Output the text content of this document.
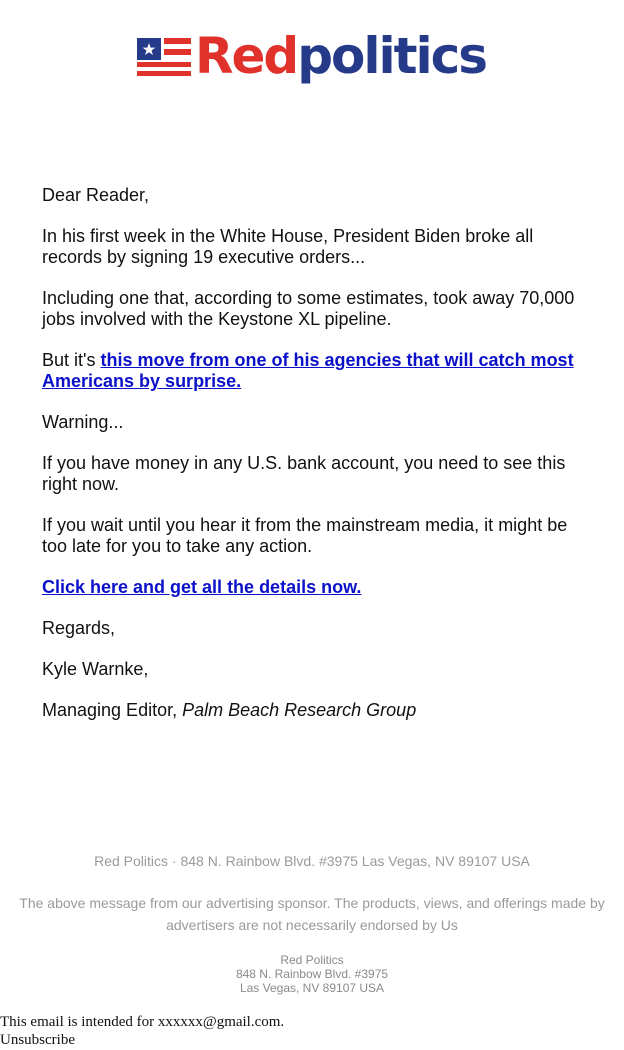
Redpolitics

Dear Reader,

In his first week in the White House, President Biden broke all records by signing 19 executive orders...

Including one that, according to some estimates, took away 70,000 jobs involved with the Keystone XL pipeline.

But it's this move from one of his agencies that will catch most Americans by surprise.

Warning...

If you have money in any U.S. bank account, you need to see this right now.

If you wait until you hear it from the mainstream media, it might be too late for you to take any action.

Click here and get all the details now.

Regards,

Kyle Warnke,

Managing Editor, Palm Beach Research Group

Red Politics · 848 N. Rainbow Blvd. #3975 Las Vegas, NV 89107 USA
The above message from our advertising sponsor. The products, views, and offerings made by advertisers are not necessarily endorsed by Us
Red Politics
848 N. Rainbow Blvd. #3975
Las Vegas, NV 89107 USA
This email is intended for xxxxxx@gmail.com.
Unsubscribe
